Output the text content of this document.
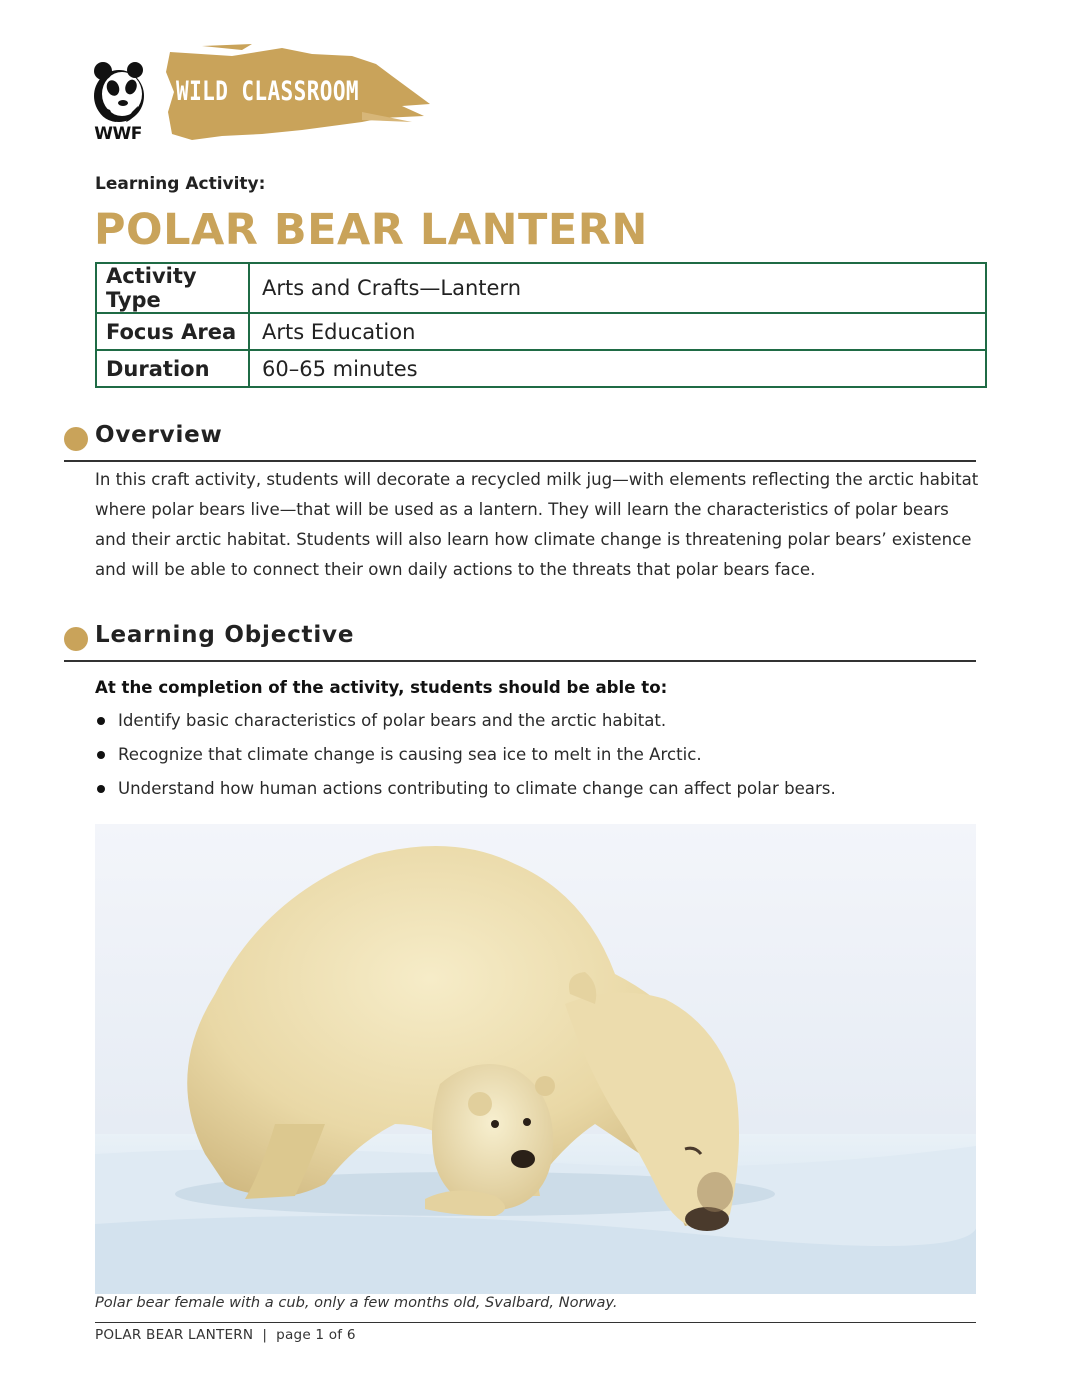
WWF
WILD CLASSROOM
Learning Activity:
POLAR BEAR LANTERN
Activity Type	Arts and Crafts—Lantern
Focus Area	Arts Education
Duration	60–65 minutes
Overview

In this craft activity, students will decorate a recycled milk jug—with elements reflecting the arctic habitat where polar bears live—that will be used as a lantern. They will learn the characteristics of polar bears and their arctic habitat. Students will also learn how climate change is threatening polar bears’ existence and will be able to connect their own daily actions to the threats that polar bears face.

Learning Objective
At the completion of the activity, students should be able to:
Identify basic characteristics of polar bears and the arctic habitat.
Recognize that climate change is causing sea ice to melt in the Arctic.
Understand how human actions contributing to climate change can affect polar bears.
Polar bear female with a cub, only a few months old, Svalbard, Norway.
POLAR BEAR LANTERN  |  page 1 of 6
